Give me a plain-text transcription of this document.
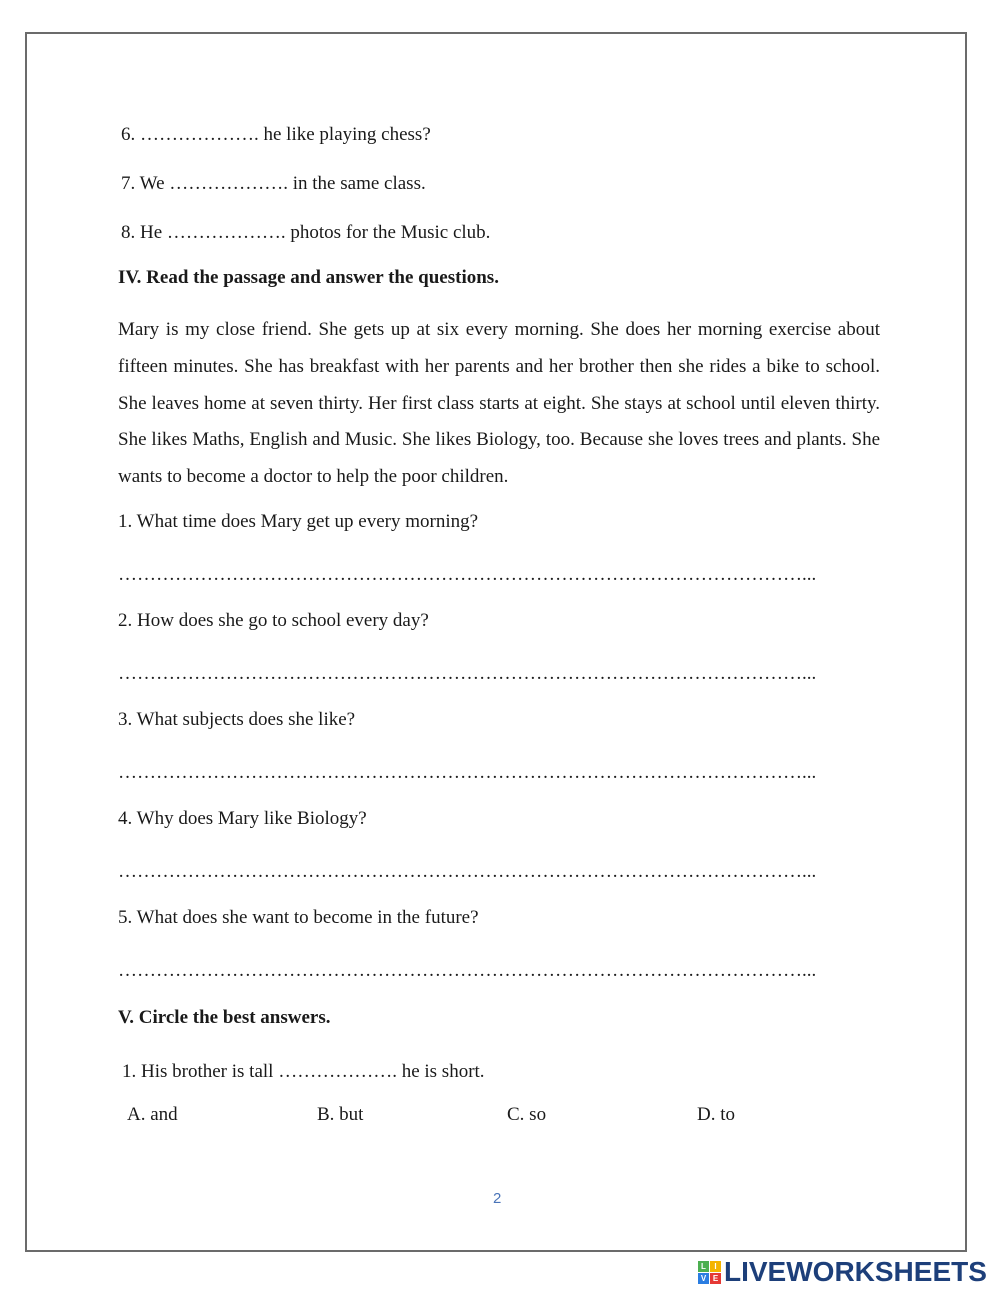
6. ………………. he like playing chess?
7. We ………………. in the same class.
8. He ………………. photos for the Music club.
IV. Read the passage and answer the questions.
Mary is my close friend. She gets up at six every morning. She does her morning exercise about fifteen minutes. She has breakfast with her parents and her brother then she rides a bike to school. She leaves home at seven thirty. Her first class starts at eight. She stays at school until eleven thirty. She likes Maths, English and Music. She likes Biology, too. Because she loves trees and plants. She wants to become a doctor to help the poor children.
1. What time does Mary get up every morning?
………………………………………………………………………………………………...
2. How does she go to school every day?
………………………………………………………………………………………………...
3. What subjects does she like?
………………………………………………………………………………………………...
4. Why does Mary like Biology?
………………………………………………………………………………………………...
5. What does she want to become in the future?
………………………………………………………………………………………………...
V. Circle the best answers.
1. His brother is tall ………………. he is short.
A. and	B. but	C. so	D. to
2
L	I
V E LIVEWORKSHEETS
